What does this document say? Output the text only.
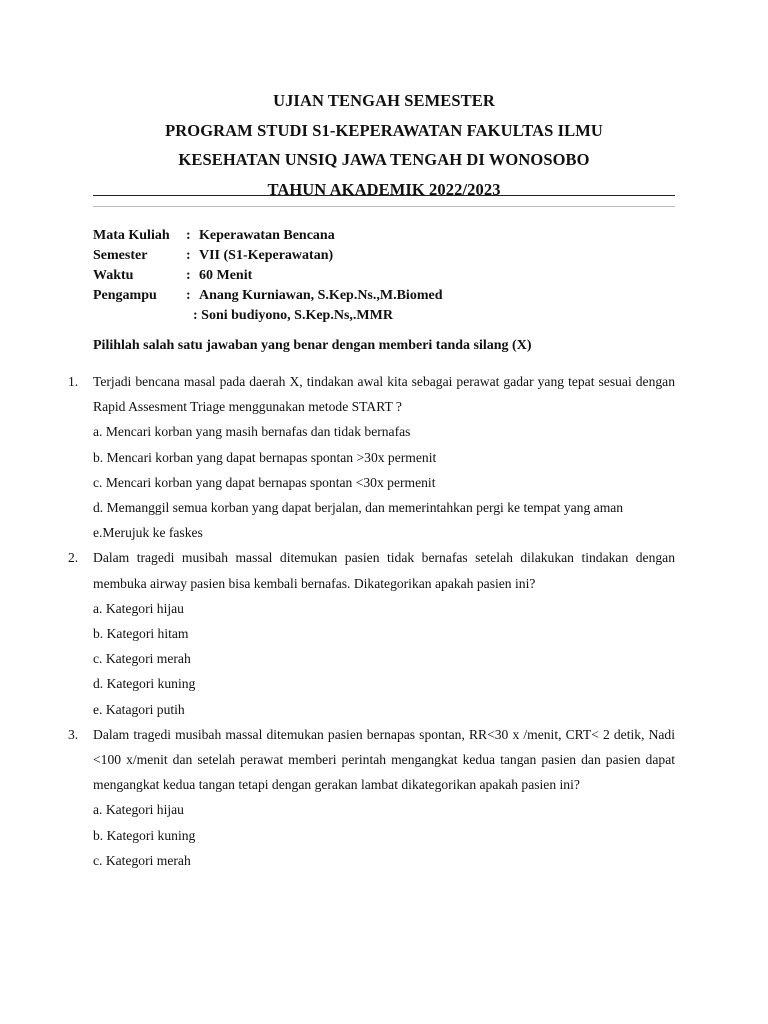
UJIAN TENGAH SEMESTER
PROGRAM STUDI S1-KEPERAWATAN FAKULTAS ILMU
KESEHATAN UNSIQ JAWA TENGAH DI WONOSOBO
TAHUN AKADEMIK 2022/2023
Mata Kuliah : Keperawatan Bencana
Semester	: VII (S1-Keperawatan)
Waktu	: 60 Menit
Pengampu : Anang Kurniawan, S.Kep.Ns.,M.Biomed
: Soni budiyono, S.Kep.Ns,.MMR
Pilihlah salah satu jawaban yang benar dengan memberi tanda silang (X)
1. Terjadi bencana masal pada daerah X, tindakan awal kita sebagai perawat gadar yang tepat sesuai dengan Rapid Assesment Triage menggunakan metode START ?
a. Mencari korban yang masih bernafas dan tidak bernafas
b. Mencari korban yang dapat bernapas spontan >30x permenit
c. Mencari korban yang dapat bernapas spontan <30x permenit
d. Memanggil semua korban yang dapat berjalan, dan memerintahkan pergi ke tempat yang aman
e.Merujuk ke faskes
2. Dalam tragedi musibah massal ditemukan pasien tidak bernafas setelah dilakukan tindakan dengan membuka airway pasien bisa kembali bernafas. Dikategorikan apakah pasien ini?
a. Kategori hijau
b. Kategori hitam
c. Kategori merah
d. Kategori kuning
e. Katagori putih
3. Dalam tragedi musibah massal ditemukan pasien bernapas spontan, RR<30 x /menit, CRT< 2 detik, Nadi <100 x/menit dan setelah perawat memberi perintah mengangkat kedua tangan pasien dan pasien dapat mengangkat kedua tangan tetapi dengan gerakan lambat dikategorikan apakah pasien ini?
a. Kategori hijau
b. Kategori kuning
c. Kategori merah
